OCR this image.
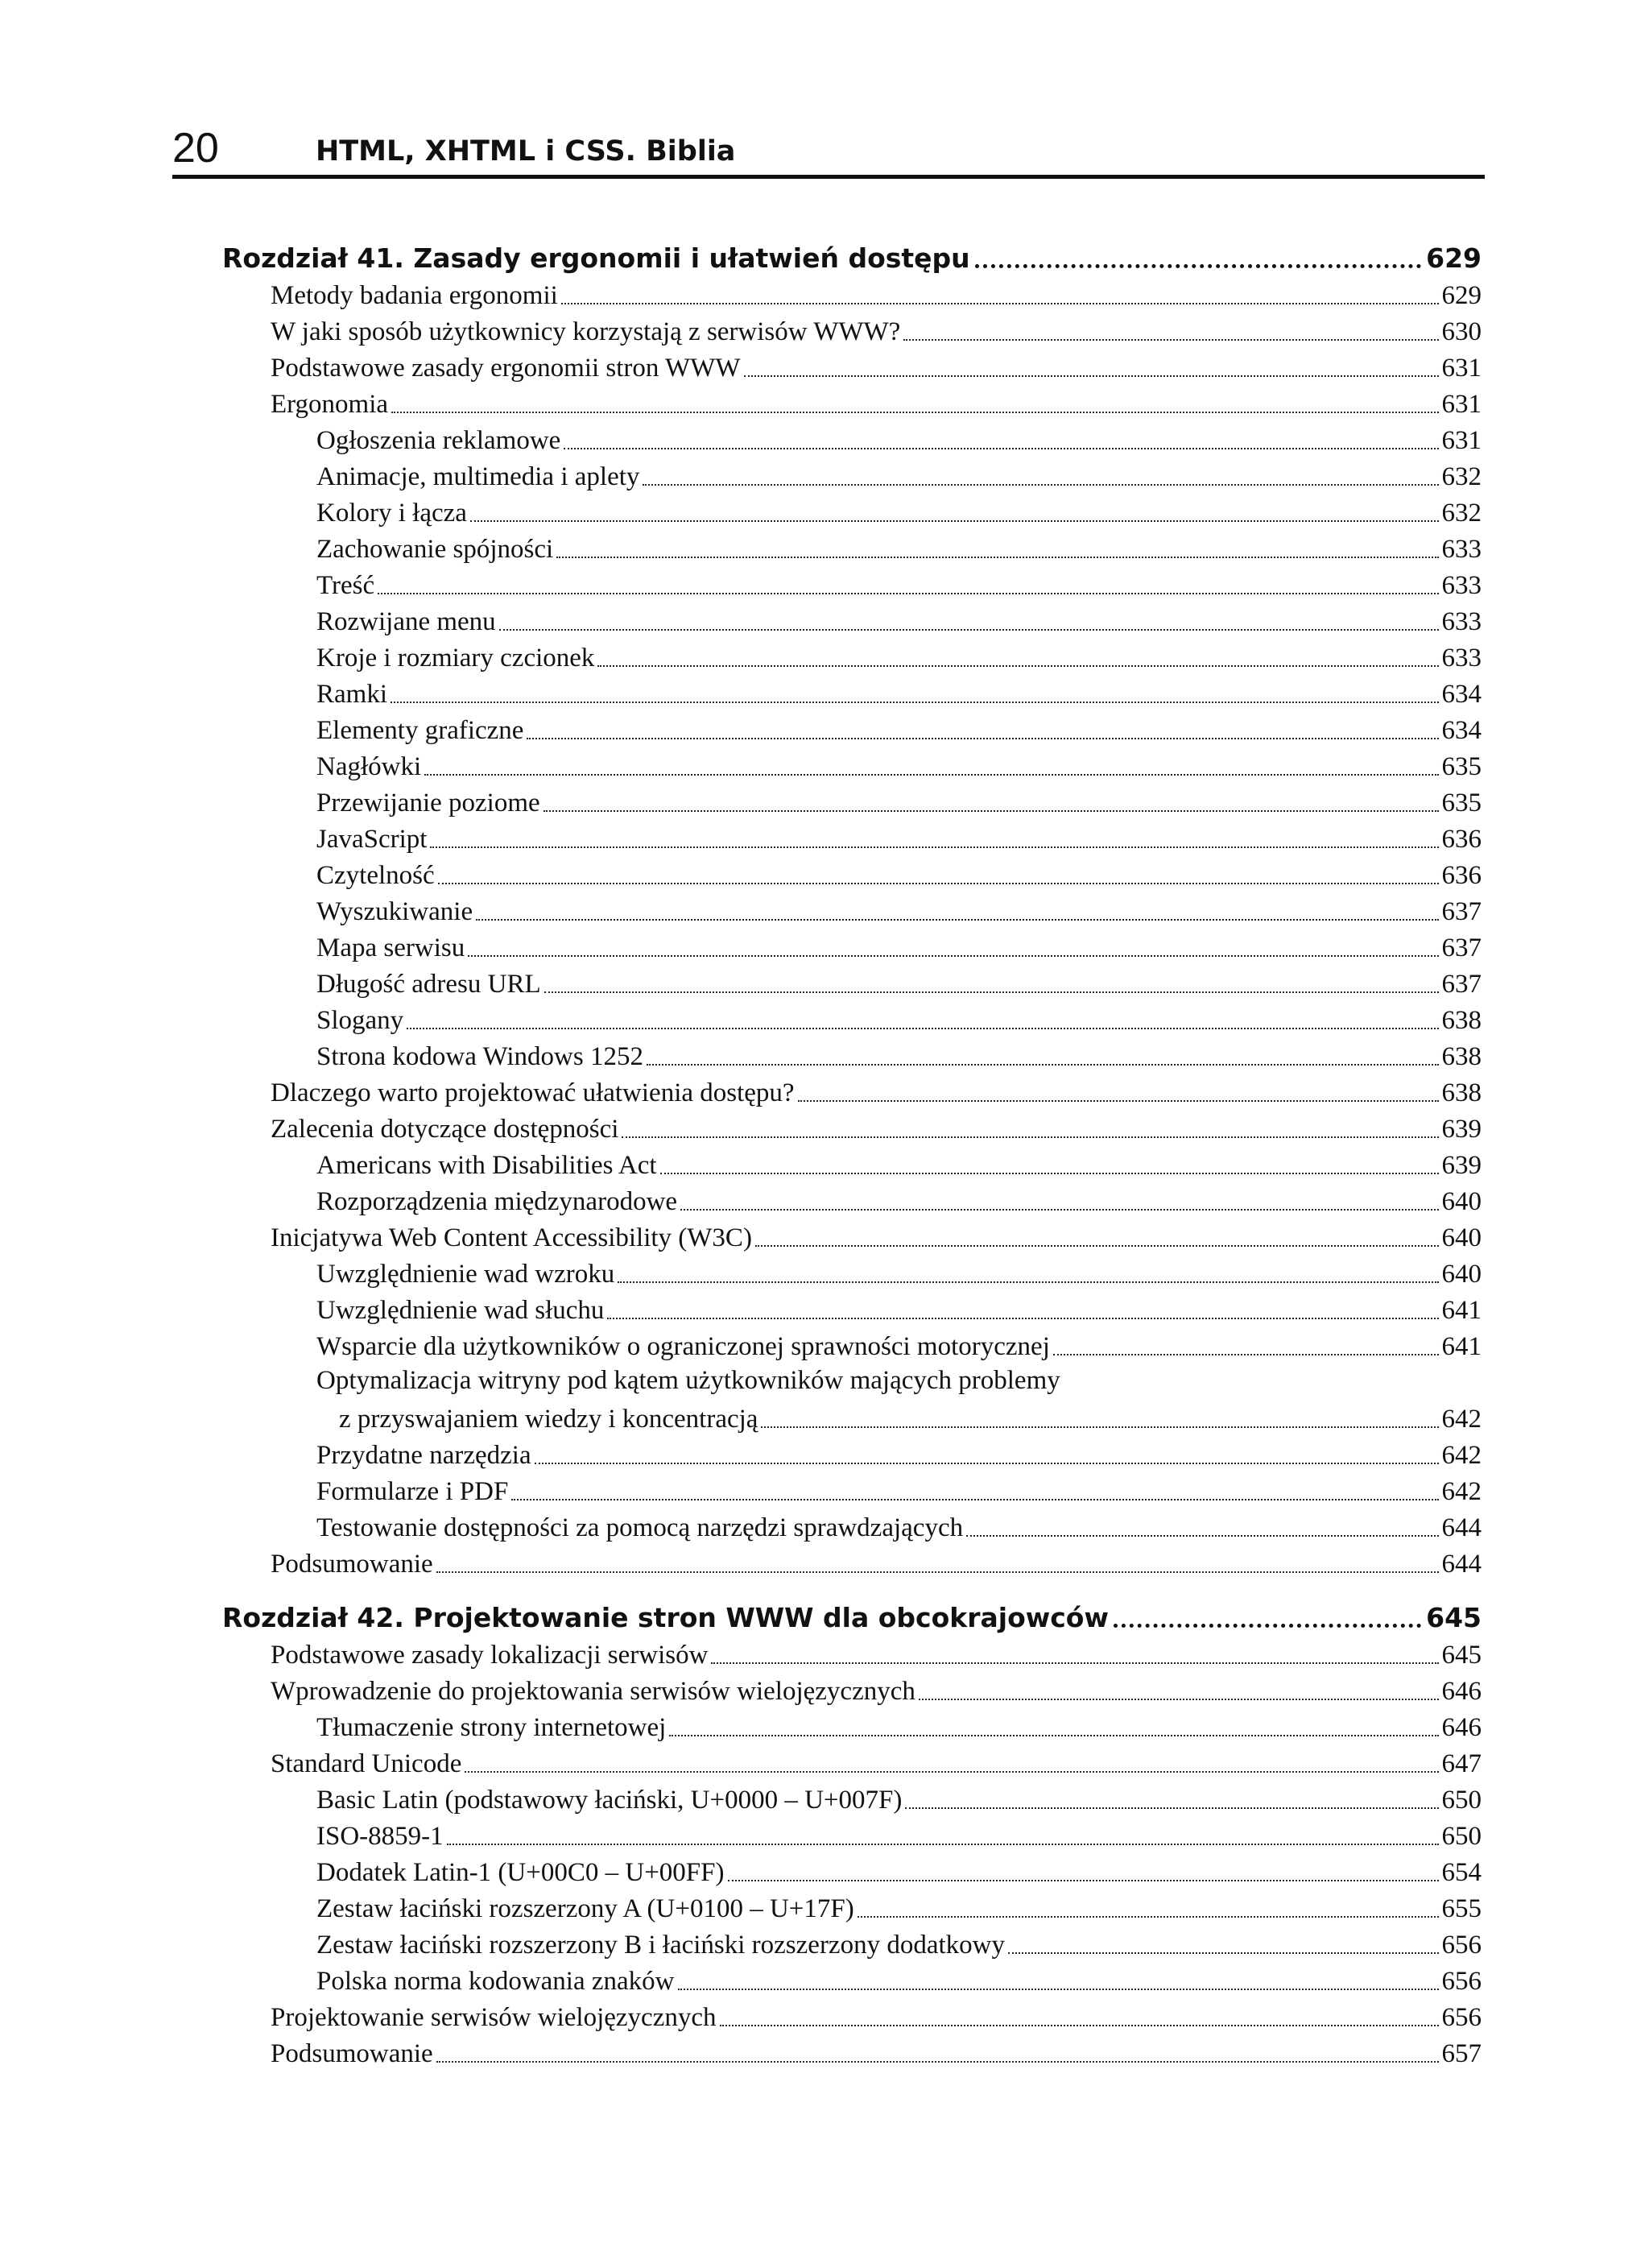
20	HTML, XHTML i CSS. Biblia
Rozdział 41. Zasady ergonomii i ułatwień dostępu	629
Metody badania ergonomii	629
W jaki sposób użytkownicy korzystają z serwisów WWW?	630
Podstawowe zasady ergonomii stron WWW	631
Ergonomia	631
Ogłoszenia reklamowe	631
Animacje, multimedia i aplety	632
Kolory i łącza	632
Zachowanie spójności	633
Treść	633
Rozwijane menu	633
Kroje i rozmiary czcionek	633
Ramki	634
Elementy graficzne	634
Nagłówki	635
Przewijanie poziome	635
JavaScript	636
Czytelność	636
Wyszukiwanie	637
Mapa serwisu	637
Długość adresu URL	637
Slogany	638
Strona kodowa Windows 1252	638
Dlaczego warto projektować ułatwienia dostępu?	638
Zalecenia dotyczące dostępności	639
Americans with Disabilities Act	639
Rozporządzenia międzynarodowe	640
Inicjatywa Web Content Accessibility (W3C)	640
Uwzględnienie wad wzroku	640
Uwzględnienie wad słuchu	641
Wsparcie dla użytkowników o ograniczonej sprawności motorycznej	641
Optymalizacja witryny pod kątem użytkowników mających problemy
z przyswajaniem wiedzy i koncentracją	642
Przydatne narzędzia	642
Formularze i PDF	642
Testowanie dostępności za pomocą narzędzi sprawdzających	644
Podsumowanie	644
Rozdział 42. Projektowanie stron WWW dla obcokrajowców	645
Podstawowe zasady lokalizacji serwisów	645
Wprowadzenie do projektowania serwisów wielojęzycznych	646
Tłumaczenie strony internetowej	646
Standard Unicode	647
Basic Latin (podstawowy łaciński, U+0000 – U+007F)	650
ISO-8859-1	650
Dodatek Latin-1 (U+00C0 – U+00FF)	654
Zestaw łaciński rozszerzony A (U+0100 – U+17F)	655
Zestaw łaciński rozszerzony B i łaciński rozszerzony dodatkowy	656
Polska norma kodowania znaków	656
Projektowanie serwisów wielojęzycznych	656
Podsumowanie	657
